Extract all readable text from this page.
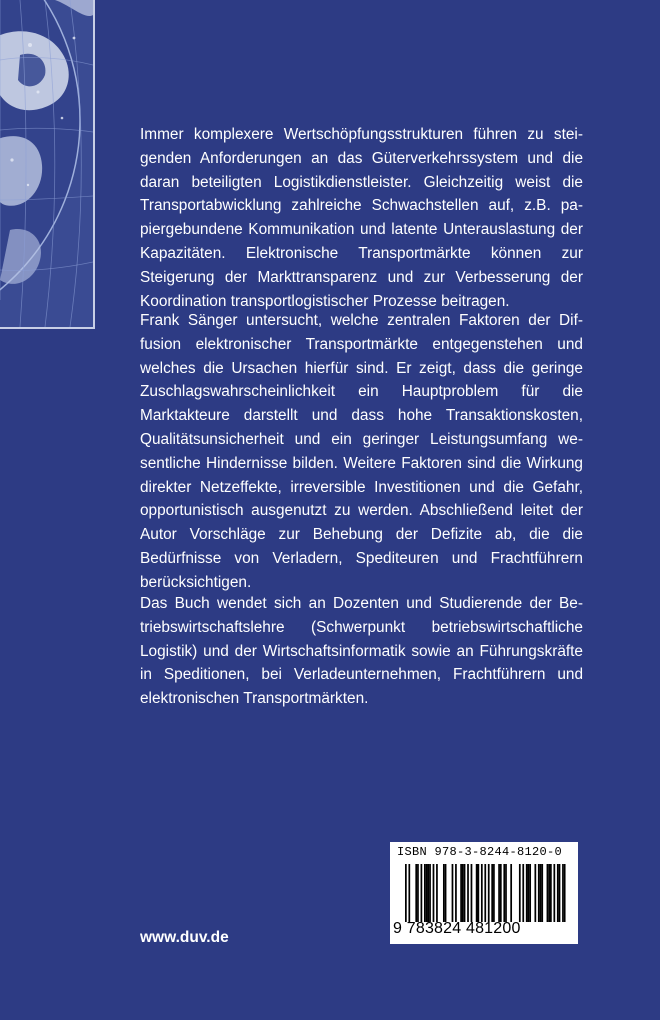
Immer komplexere Wertschöpfungsstrukturen führen zu steigenden Anforderungen an das Güterverkehrssystem und die daran beteiligten Logistikdienstleister. Gleichzeitig weist die Transportabwicklung zahlreiche Schwachstellen auf, z.B. papiergebundene Kommunikation und latente Unterauslastung der Kapazitäten. Elektronische Transportmärkte können zur Steigerung der Markttransparenz und zur Verbesserung der Koordination transportlogistischer Prozesse beitragen.

Frank Sänger untersucht, welche zentralen Faktoren der Diffusion elektronischer Transportmärkte entgegenstehen und welches die Ursachen hierfür sind. Er zeigt, dass die geringe Zuschlagswahrscheinlichkeit ein Hauptproblem für die Marktakteure darstellt und dass hohe Transaktionskosten, Qualitätsunsicherheit und ein geringer Leistungsumfang wesentliche Hindernisse bilden. Weitere Faktoren sind die Wirkung direkter Netzeffekte, irreversible Investitionen und die Gefahr, opportunistisch ausgenutzt zu werden. Abschließend leitet der Autor Vorschläge zur Behebung der Defizite ab, die die Bedürfnisse von Verladern, Spediteuren und Frachtführern berücksichtigen.

Das Buch wendet sich an Dozenten und Studierende der Betriebswirtschaftslehre (Schwerpunkt betriebswirtschaftliche Logistik) und der Wirtschaftsinformatik sowie an Führungskräfte in Speditionen, bei Verladeunternehmen, Frachtführern und elektronischen Transportmärkten.

www.duv.de
ISBN 978-3-8244-8120-0
9 783824 481200
